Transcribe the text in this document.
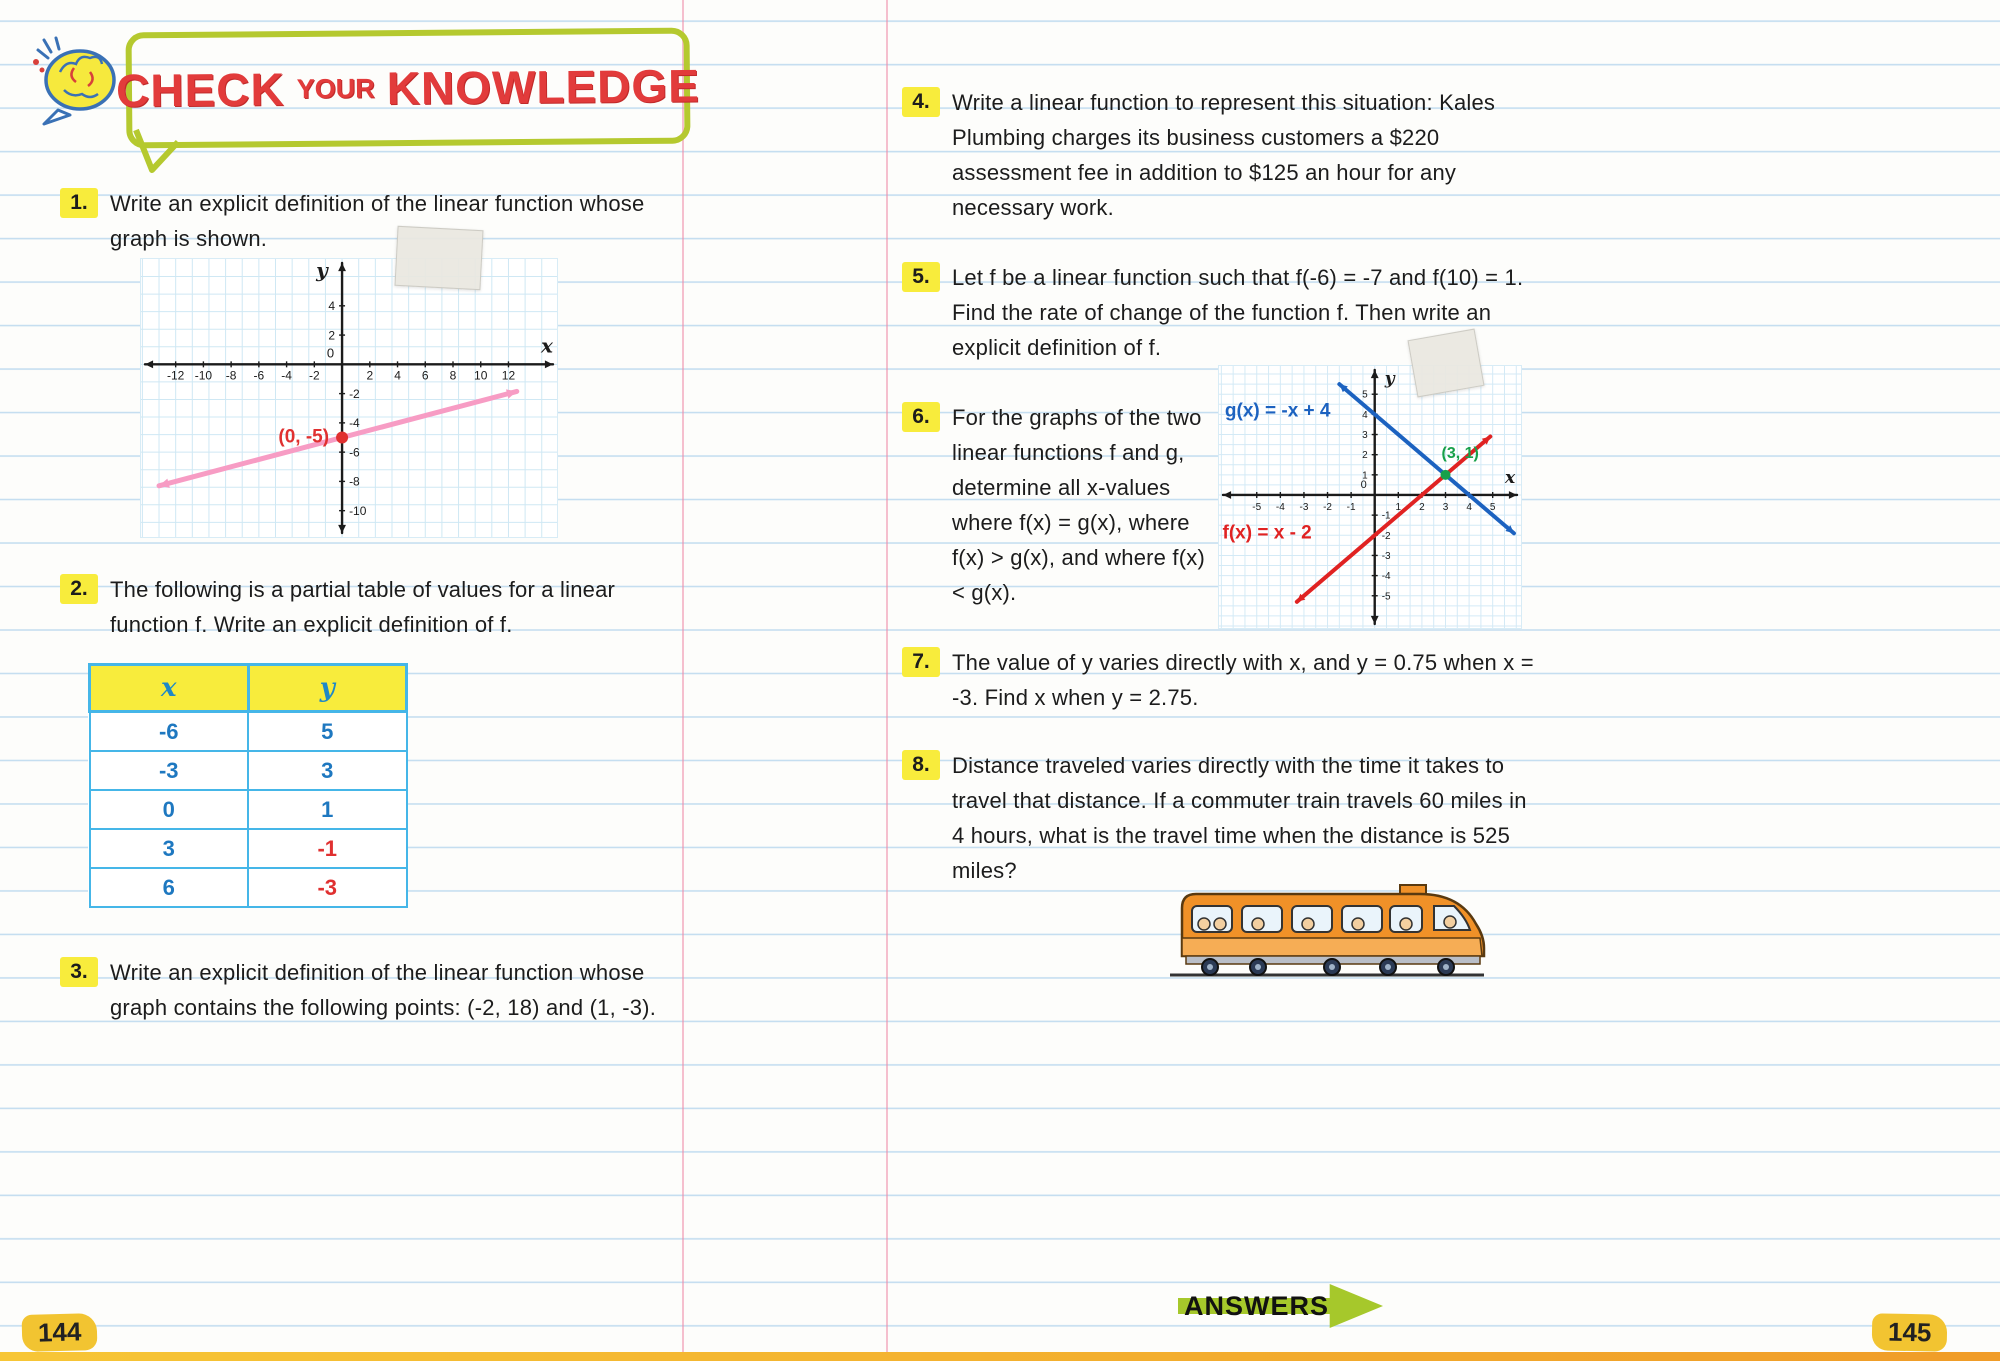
CHECK YOUR KNOWLEDGE
1.	Write an explicit definition of the linear function whose graph is shown.
-12 -10 -8 -6 -4 -2	2 4 6 8 10 12
4
2
-2
-4
-6
-8
-10
0	x
y
(0, -5)
2.	The following is a partial table of values for a linear function f. Write an explicit definition of f.
x	y
-6	5
-3	3
0	1
3	-1
6	-3
3.	Write an explicit definition of the linear function whose graph contains the following points: (-2, 18) and (1, -3).
4.	Write a linear function to represent this situation: Kales Plumbing charges its business customers a $220 assessment fee in addition to $125 an hour for any necessary work.
5.	Let f be a linear function such that f(-6) = -7 and f(10) = 1. Find the rate of change of the function f. Then write an explicit definition of f.
6.	For the graphs of the two linear functions f and g, determine all x-values where f(x) = g(x), where f(x) > g(x), and where f(x) < g(x).
-5 -4 -3 -2 -1	1 2 3 4 5
5
4
3
2
1
-1
-2
-3
-4
-5
0	x
y
(3, 1)
g(x) = -x + 4
f(x) = x - 2
7.	The value of y varies directly with x, and y = 0.75 when x = -3. Find x when y = 2.75.
8.	Distance traveled varies directly with the time it takes to travel that distance. If a commuter train travels 60 miles in 4 hours, what is the travel time when the distance is 525 miles?
ANSWERS
144	145
